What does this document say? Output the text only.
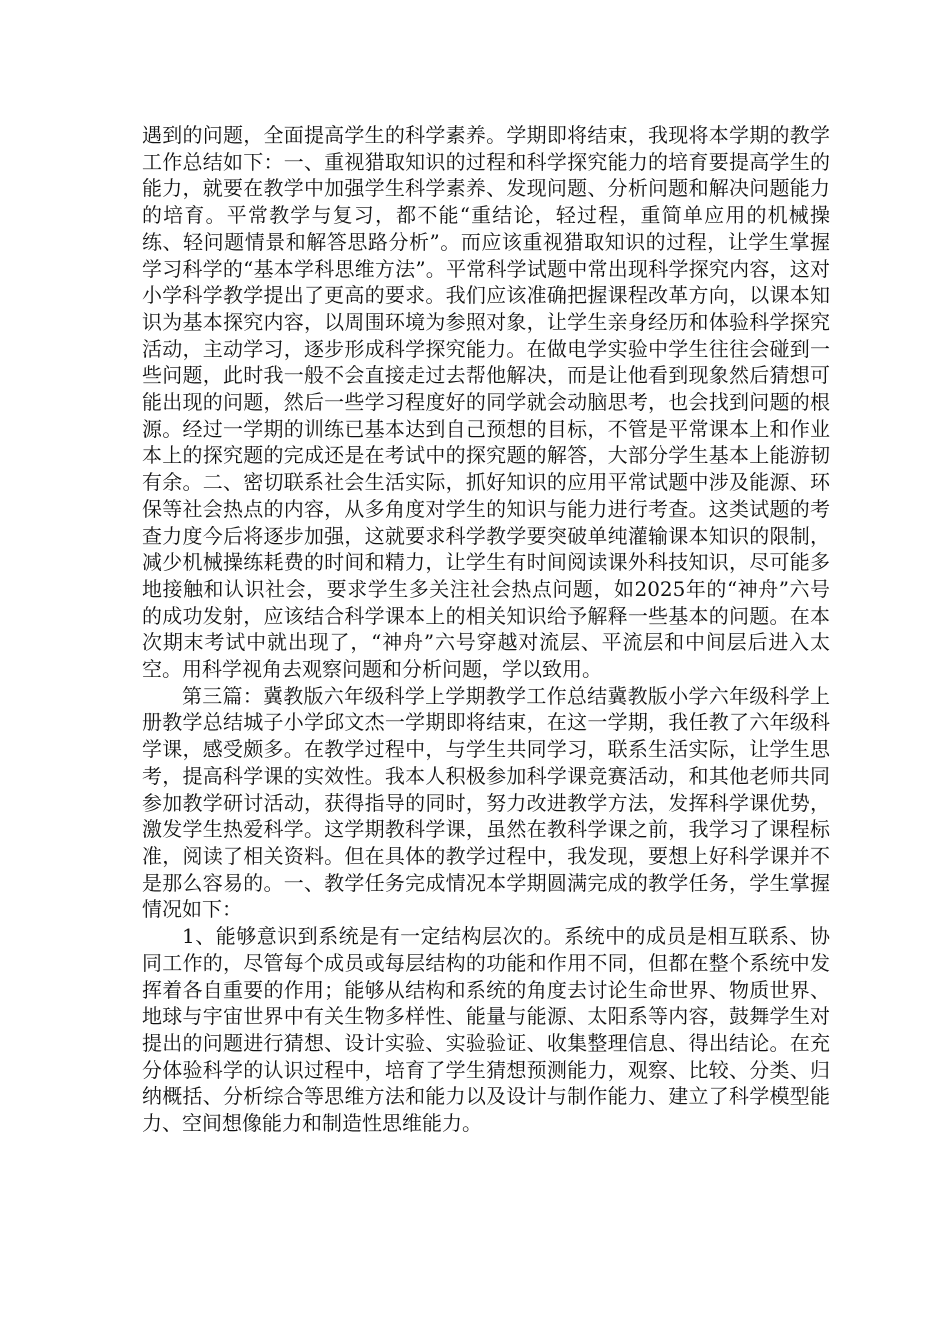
遇到的问题，全面提高学生的科学素养。学期即将结束，我现将本学期的教学工作总结如下：一、重视猎取知识的过程和科学探究能力的培育要提高学生的能力，就要在教学中加强学生科学素养、发现问题、分析问题和解决问题能力的培育。平常教学与复习，都不能“重结论，轻过程，重简单应用的机械操练、轻问题情景和解答思路分析”。而应该重视猎取知识的过程，让学生掌握学习科学的“基本学科思维方法”。平常科学试题中常出现科学探究内容，这对小学科学教学提出了更高的要求。我们应该准确把握课程改革方向，以课本知识为基本探究内容，以周围环境为参照对象，让学生亲身经历和体验科学探究活动，主动学习，逐步形成科学探究能力。在做电学实验中学生往往会碰到一些问题，此时我一般不会直接走过去帮他解决，而是让他看到现象然后猜想可能出现的问题，然后一些学习程度好的同学就会动脑思考，也会找到问题的根源。经过一学期的训练已基本达到自己预想的目标，不管是平常课本上和作业本上的探究题的完成还是在考试中的探究题的解答，大部分学生基本上能游韧有余。二、密切联系社会生活实际，抓好知识的应用平常试题中涉及能源、环保等社会热点的内容，从多角度对学生的知识与能力进行考查。这类试题的考查力度今后将逐步加强，这就要求科学教学要突破单纯灌输课本知识的限制，减少机械操练耗费的时间和精力，让学生有时间阅读课外科技知识，尽可能多地接触和认识社会，要求学生多关注社会热点问题，如2025年的“神舟”六号的成功发射，应该结合科学课本上的相关知识给予解释一些基本的问题。在本次期末考试中就出现了，“神舟”六号穿越对流层、平流层和中间层后进入太空。用科学视角去观察问题和分析问题，学以致用。

第三篇：冀教版六年级科学上学期教学工作总结冀教版小学六年级科学上册教学总结城子小学邱文杰一学期即将结束，在这一学期，我任教了六年级科学课，感受颇多。在教学过程中，与学生共同学习，联系生活实际，让学生思考，提高科学课的实效性。我本人积极参加科学课竞赛活动，和其他老师共同参加教学研讨活动，获得指导的同时，努力改进教学方法，发挥科学课优势，激发学生热爱科学。这学期教科学课，虽然在教科学课之前，我学习了课程标准，阅读了相关资料。但在具体的教学过程中，我发现，要想上好科学课并不是那么容易的。一、教学任务完成情况本学期圆满完成的教学任务，学生掌握情况如下：

1、能够意识到系统是有一定结构层次的。系统中的成员是相互联系、协同工作的，尽管每个成员或每层结构的功能和作用不同，但都在整个系统中发挥着各自重要的作用；能够从结构和系统的角度去讨论生命世界、物质世界、地球与宇宙世界中有关生物多样性、能量与能源、太阳系等内容，鼓舞学生对提出的问题进行猜想、设计实验、实验验证、收集整理信息、得出结论。在充分体验科学的认识过程中，培育了学生猜想预测能力，观察、比较、分类、归纳概括、分析综合等思维方法和能力以及设计与制作能力、建立了科学模型能力、空间想像能力和制造性思维能力。
